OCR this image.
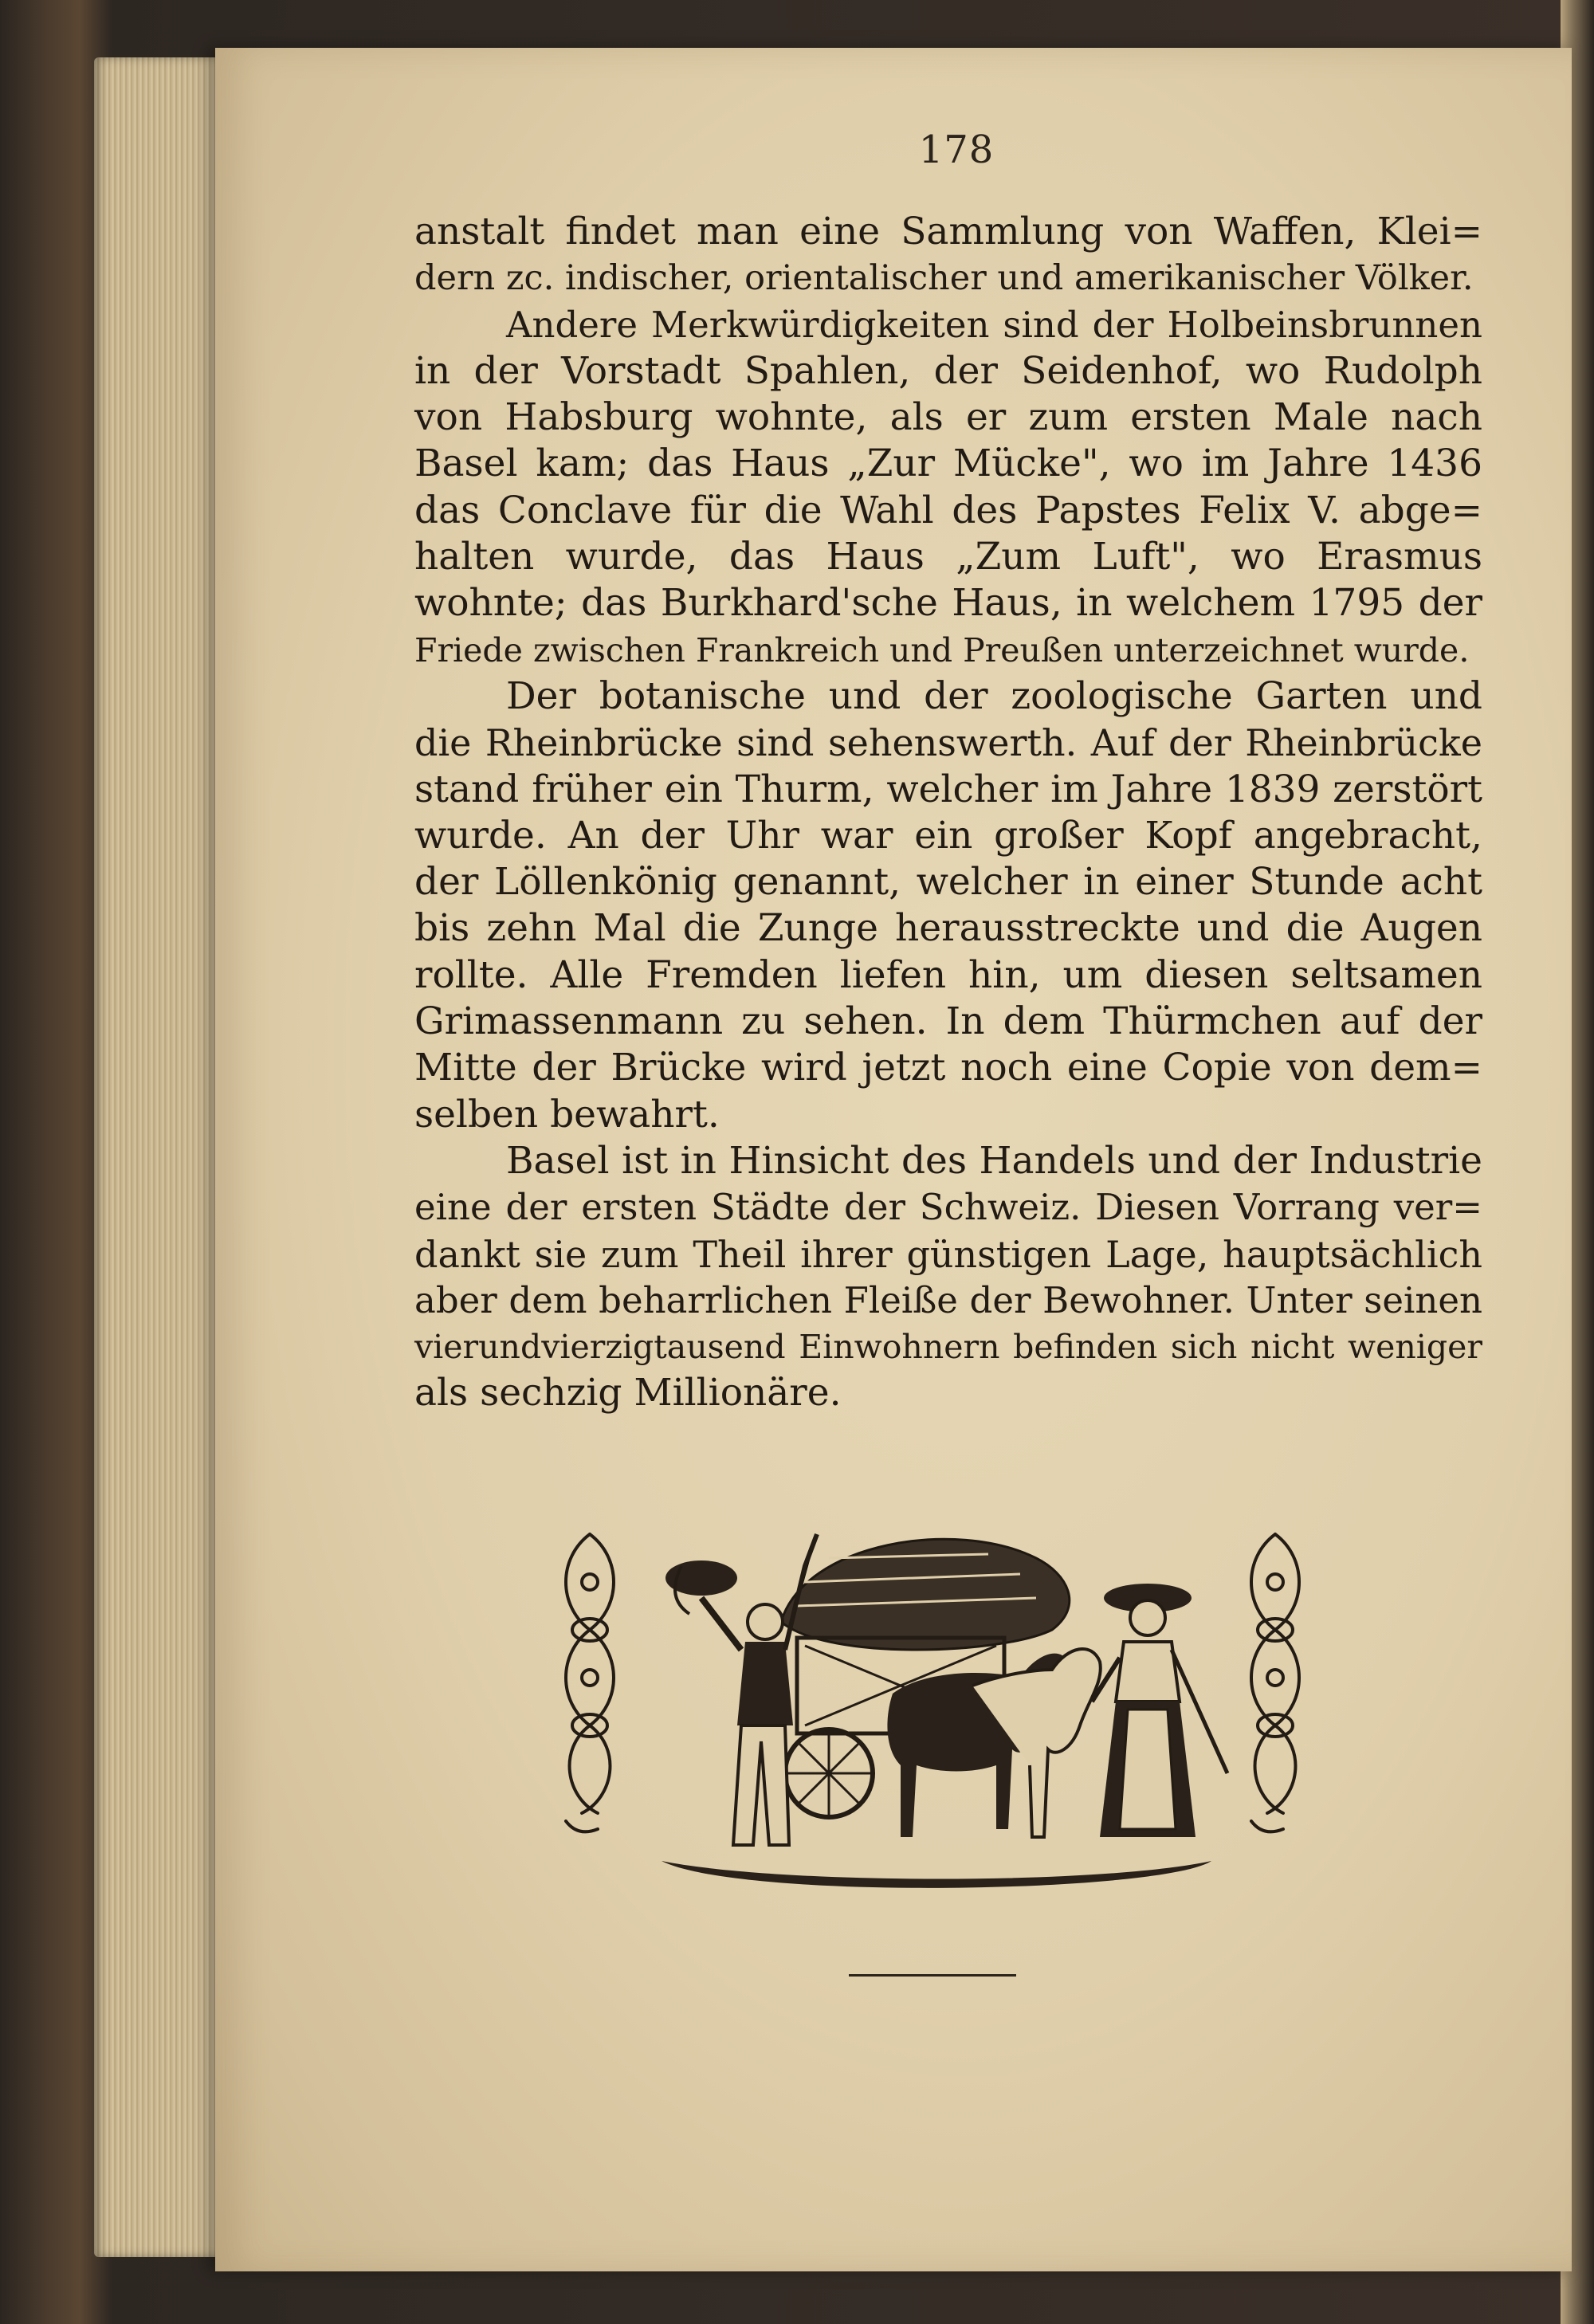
178
anstalt findet man eine Sammlung von Waffen, Klei=
dern ⁠zc. indischer, orientalischer und amerikanischer Völker.
Andere Merkwürdigkeiten sind der Holbeinsbrunnen
in der Vorstadt Spahlen, der Seidenhof, wo Rudolph
von Habsburg wohnte, als er zum ersten Male nach
Basel kam; das Haus „Zur Mücke", wo im Jahre 1436
das Conclave für die Wahl des Papstes Felix V. abge=
halten wurde, das Haus „Zum Luft", wo Erasmus
wohnte; das Burkhard'sche Haus, in welchem 1795 der
Friede zwischen Frankreich und Preußen unterzeichnet wurde.
Der botanische und der zoologische Garten und
die Rheinbrücke sind sehenswerth. Auf der Rheinbrücke
stand früher ein Thurm, welcher im Jahre 1839 zerstört
wurde. An der Uhr war ein großer Kopf angebracht,
der Löllenkönig genannt, welcher in einer Stunde acht
bis zehn Mal die Zunge herausstreckte und die Augen
rollte. Alle Fremden liefen hin, um diesen seltsamen
Grimassenmann zu sehen. In dem Thürmchen auf der
Mitte der Brücke wird jetzt noch eine Copie von dem=
selben bewahrt.
Basel ist in Hinsicht des Handels und der Industrie
eine der ersten Städte der Schweiz. Diesen Vorrang ver=
dankt sie zum Theil ihrer günstigen Lage, hauptsächlich
aber dem beharrlichen Fleiße der Bewohner. Unter seinen
vierundvierzigtausend Einwohnern befinden sich nicht weniger
als sechzig Millionäre.
